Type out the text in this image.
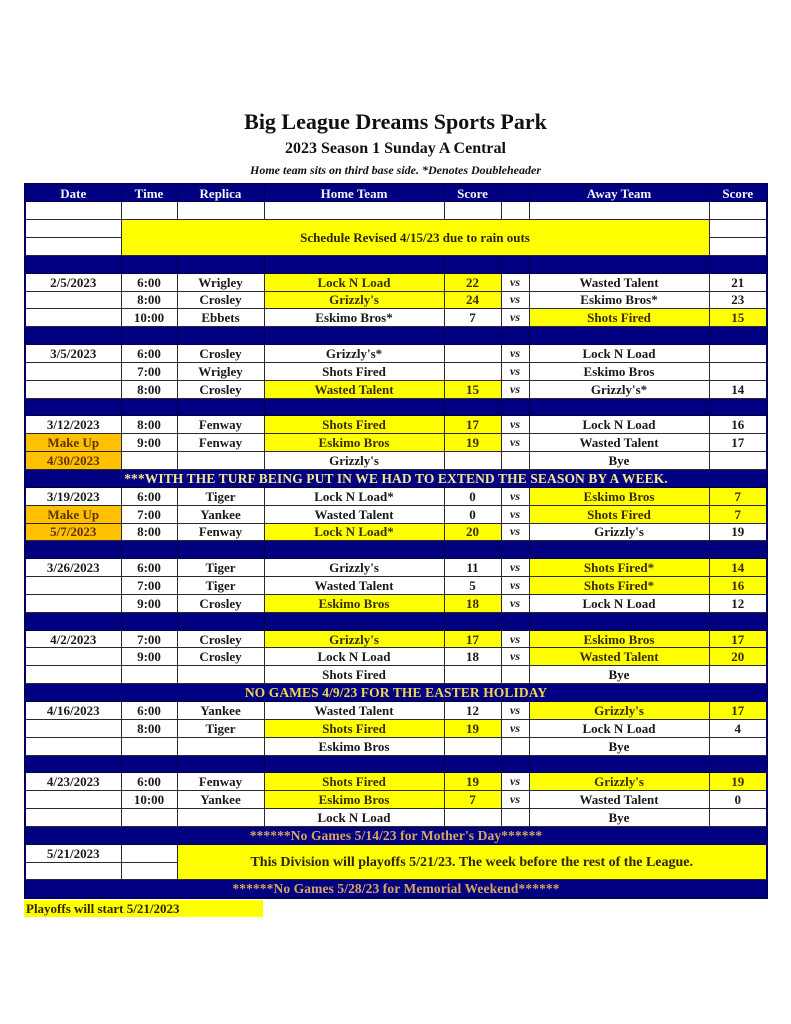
Big League Dreams Sports Park
2023 Season 1 Sunday A Central
Home team sits on third base side. *Denotes Doubleheader
Date	Time	Replica	Home Team	Score		Away Team	Score

	Schedule Revised 4/15/23 due to rain outs						

2/5/2023	6:00	Wrigley	Lock N Load	22	vs	Wasted Talent	21
	8:00	Crosley	Grizzly's	24	vs	Eskimo Bros*	23
	10:00	Ebbets	Eskimo Bros*	7	vs	Shots Fired	15

3/5/2023	6:00	Crosley	Grizzly's*		vs	Lock N Load	
	7:00	Wrigley	Shots Fired		vs	Eskimo Bros	
	8:00	Crosley	Wasted Talent	15	vs	Grizzly's*	14

3/12/2023	8:00	Fenway	Shots Fired	17	vs	Lock N Load	16
Make Up	9:00	Fenway	Eskimo Bros	19	vs	Wasted Talent	17
4/30/2023			Grizzly's			Bye	
***WITH THE TURF BEING PUT IN WE HAD TO EXTEND THE SEASON BY A WEEK.							
3/19/2023	6:00	Tiger	Lock N Load*	0	vs	Eskimo Bros	7
Make Up	7:00	Yankee	Wasted Talent	0	vs	Shots Fired	7
5/7/2023	8:00	Fenway	Lock N Load*	20	vs	Grizzly's	19

3/26/2023	6:00	Tiger	Grizzly's	11	vs	Shots Fired*	14
	7:00	Tiger	Wasted Talent	5	vs	Shots Fired*	16
	9:00	Crosley	Eskimo Bros	18	vs	Lock N Load	12

4/2/2023	7:00	Crosley	Grizzly's	17	vs	Eskimo Bros	17
	9:00	Crosley	Lock N Load	18	vs	Wasted Talent	20
			Shots Fired			Bye	
NO GAMES 4/9/23 FOR THE EASTER HOLIDAY							
4/16/2023	6:00	Yankee	Wasted Talent	12	vs	Grizzly's	17
	8:00	Tiger	Shots Fired	19	vs	Lock N Load	4
			Eskimo Bros			Bye	

4/23/2023	6:00	Fenway	Shots Fired	19	vs	Grizzly's	19
	10:00	Yankee	Eskimo Bros	7	vs	Wasted Talent	0
			Lock N Load			Bye	
******No Games 5/14/23 for Mother's Day******							
5/21/2023		This Division will playoffs 5/21/23. The week before the rest of the League.					

******No Games 5/28/23 for Memorial Weekend******							
Playoffs will start 5/21/2023
